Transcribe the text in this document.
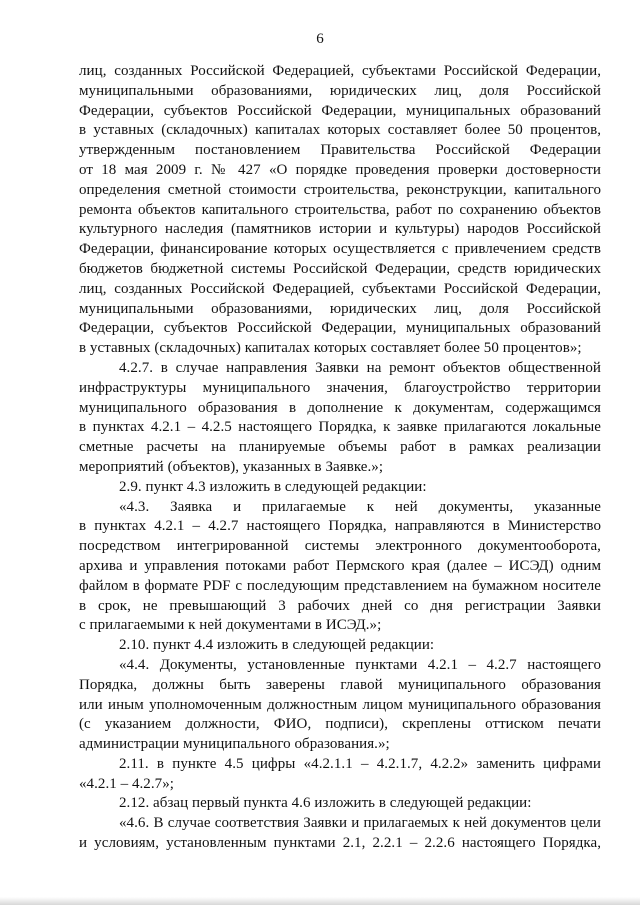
6
лиц, созданных Российской Федерацией, субъектами Российской Федерации,
муниципальными образованиями, юридических лиц, доля Российской
Федерации, субъектов Российской Федерации, муниципальных образований
в уставных (складочных) капиталах которых составляет более 50 процентов,
утвержденным постановлением Правительства Российской Федерации
от 18 мая 2009 г. № 427 «О порядке проведения проверки достоверности
определения сметной стоимости строительства, реконструкции, капитального
ремонта объектов капитального строительства, работ по сохранению объектов
культурного наследия (памятников истории и культуры) народов Российской
Федерации, финансирование которых осуществляется с привлечением средств
бюджетов бюджетной системы Российской Федерации, средств юридических
лиц, созданных Российской Федерацией, субъектами Российской Федерации,
муниципальными образованиями, юридических лиц, доля Российской
Федерации, субъектов Российской Федерации, муниципальных образований
в уставных (складочных) капиталах которых составляет более 50 процентов»;
4.2.7. в случае направления Заявки на ремонт объектов общественной
инфраструктуры муниципального значения, благоустройство территории
муниципального образования в дополнение к документам, содержащимся
в пунктах 4.2.1 – 4.2.5 настоящего Порядка, к заявке прилагаются локальные
сметные расчеты на планируемые объемы работ в рамках реализации
мероприятий (объектов), указанных в Заявке.»;
2.9. пункт 4.3 изложить в следующей редакции:
«4.3. Заявка и прилагаемые к ней документы, указанные
в пунктах 4.2.1 – 4.2.7 настоящего Порядка, направляются в Министерство
посредством интегрированной системы электронного документооборота,
архива и управления потоками работ Пермского края (далее – ИСЭД) одним
файлом в формате PDF с последующим представлением на бумажном носителе
в срок, не превышающий 3 рабочих дней со дня регистрации Заявки
с прилагаемыми к ней документами в ИСЭД.»;
2.10. пункт 4.4 изложить в следующей редакции:
«4.4. Документы, установленные пунктами 4.2.1 – 4.2.7 настоящего
Порядка, должны быть заверены главой муниципального образования
или иным уполномоченным должностным лицом муниципального образования
(с указанием должности, ФИО, подписи), скреплены оттиском печати
администрации муниципального образования.»;
2.11. в пункте 4.5 цифры «4.2.1.1 – 4.2.1.7, 4.2.2» заменить цифрами
«4.2.1 – 4.2.7»;
2.12. абзац первый пункта 4.6 изложить в следующей редакции:
«4.6. В случае соответствия Заявки и прилагаемых к ней документов цели
и условиям, установленным пунктами 2.1, 2.2.1 – 2.2.6 настоящего Порядка,
